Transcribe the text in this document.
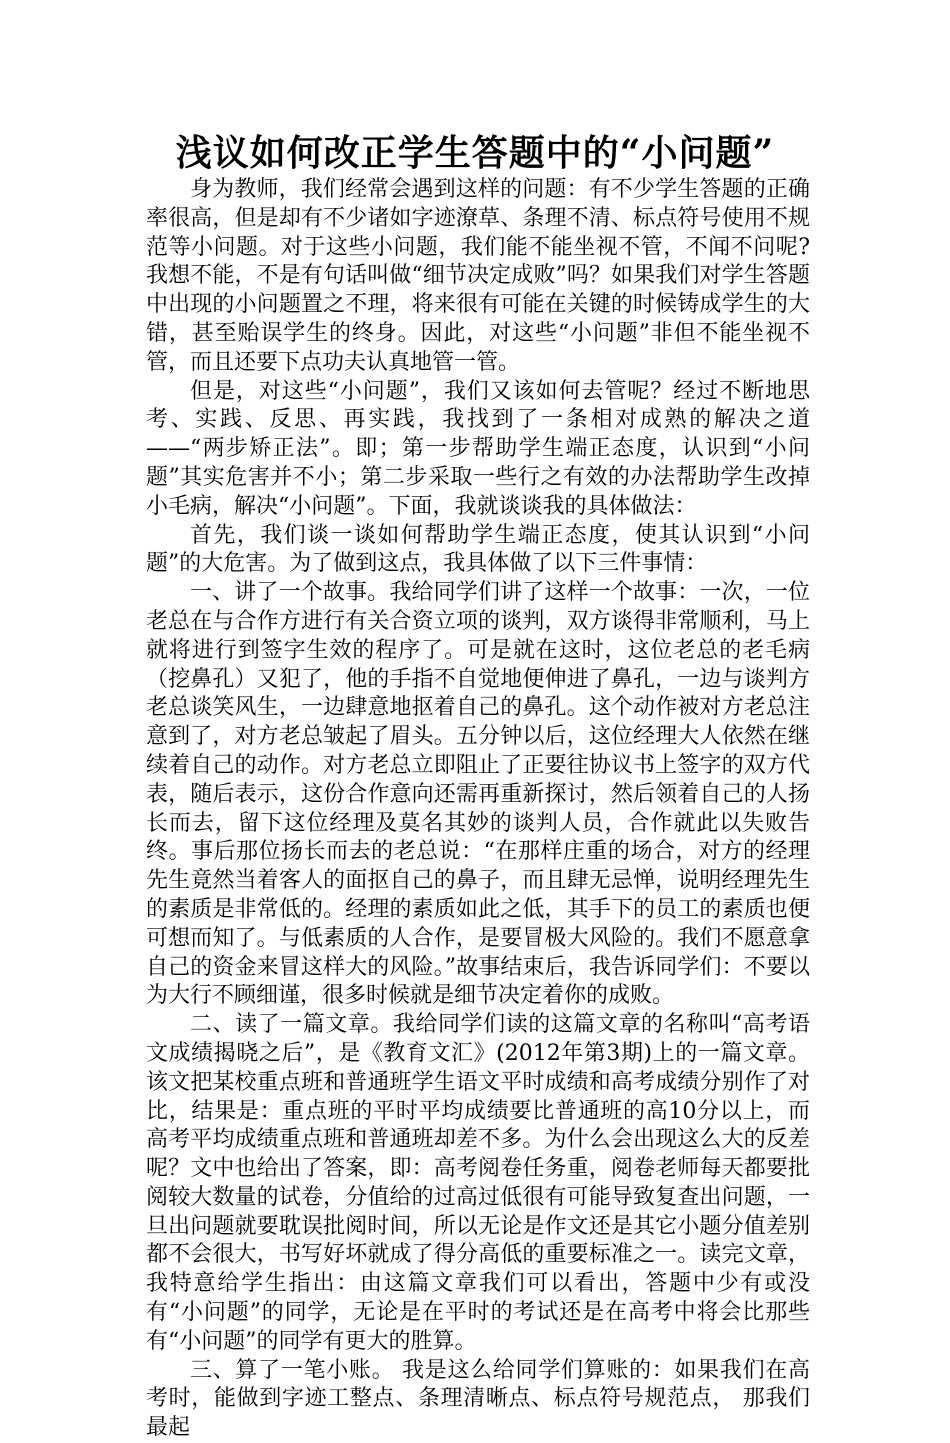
浅议如何改正学生答题中的“小问题”

身为教师，我们经常会遇到这样的问题：有不少学生答题的正确率很高，但是却有不少诸如字迹潦草、条理不清、标点符号使用不规范等小问题。对于这些小问题，我们能不能坐视不管，不闻不问呢?我想不能，不是有句话叫做“细节决定成败”吗？如果我们对学生答题中出现的小问题置之不理，将来很有可能在关键的时候铸成学生的大错，甚至贻误学生的终身。因此，对这些“小问题”非但不能坐视不管，而且还要下点功夫认真地管一管。

但是，对这些“小问题”，我们又该如何去管呢？经过不断地思考、实践、反思、再实践，我找到了一条相对成熟的解决之道——“两步矫正法”。即；第一步帮助学生端正态度，认识到“小问题”其实危害并不小；第二步采取一些行之有效的办法帮助学生改掉小毛病，解决“小问题”。下面，我就谈谈我的具体做法：

首先，我们谈一谈如何帮助学生端正态度，使其认识到“小问题”的大危害。为了做到这点，我具体做了以下三件事情：

一、讲了一个故事。我给同学们讲了这样一个故事：一次，一位老总在与合作方进行有关合资立项的谈判，双方谈得非常顺利，马上就将进行到签字生效的程序了。可是就在这时，这位老总的老毛病（挖鼻孔）又犯了，他的手指不自觉地便伸进了鼻孔，一边与谈判方老总谈笑风生，一边肆意地抠着自己的鼻孔。这个动作被对方老总注意到了，对方老总皱起了眉头。五分钟以后，这位经理大人依然在继续着自己的动作。对方老总立即阻止了正要往协议书上签字的双方代表，随后表示，这份合作意向还需再重新探讨，然后领着自己的人扬长而去，留下这位经理及莫名其妙的谈判人员，合作就此以失败告终。事后那位扬长而去的老总说：“在那样庄重的场合，对方的经理先生竟然当着客人的面抠自己的鼻子，而且肆无忌惮，说明经理先生的素质是非常低的。经理的素质如此之低，其手下的员工的素质也便可想而知了。与低素质的人合作，是要冒极大风险的。我们不愿意拿自己的资金来冒这样大的风险。”故事结束后，我告诉同学们：不要以为大行不顾细谨，很多时候就是细节决定着你的成败。

二、读了一篇文章。我给同学们读的这篇文章的名称叫“高考语文成绩揭晓之后”，是《教育文汇》(2012年第3期)上的一篇文章。该文把某校重点班和普通班学生语文平时成绩和高考成绩分别作了对比，结果是：重点班的平时平均成绩要比普通班的高10分以上，而高考平均成绩重点班和普通班却差不多。为什么会出现这么大的反差呢？文中也给出了答案，即：高考阅卷任务重，阅卷老师每天都要批阅较大数量的试卷，分值给的过高过低很有可能导致复查出问题，一旦出问题就要耽误批阅时间，所以无论是作文还是其它小题分值差别都不会很大，书写好坏就成了得分高低的重要标准之一。读完文章，我特意给学生指出：由这篇文章我们可以看出，答题中少有或没有“小问题”的同学，无论是在平时的考试还是在高考中将会比那些有“小问题”的同学有更大的胜算。

三、算了一笔小账。 我是这么给同学们算账的：如果我们在高考时，能做到字迹工整点、条理清晰点、标点符号规范点， 那我们最起
